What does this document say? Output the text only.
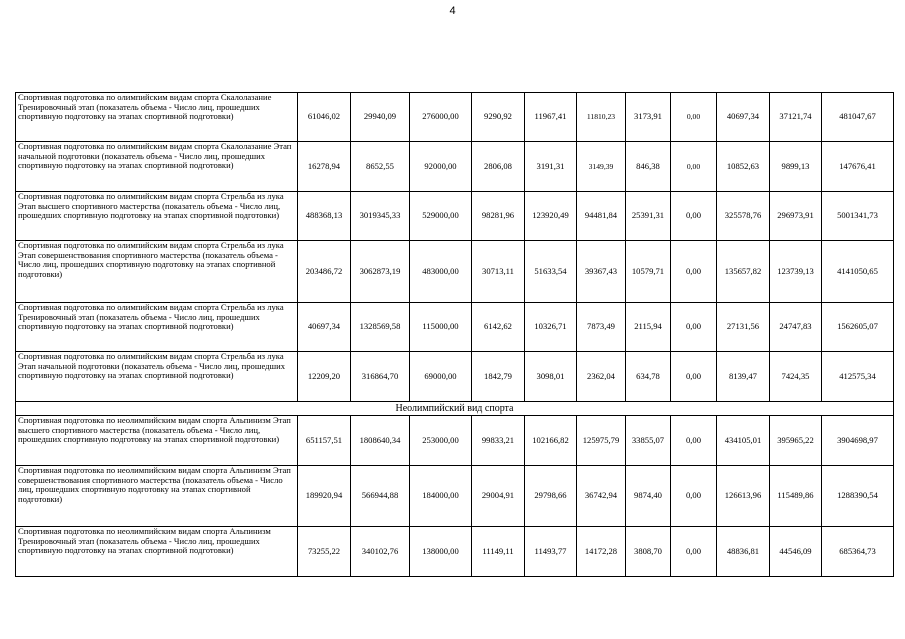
4
Спортивная подготовка по олимпийским видам спорта Скалолазание Тренировочный этап (показатель объема - Число лиц, прошедших спортивную подготовку на этапах спортивной подготовки)	61046,02	29940,09	276000,00	9290,92	11967,41	11810,23	3173,91	0,00	40697,34	37121,74	481047,67
Спортивная подготовка по олимпийским видам спорта Скалолазание Этап начальной подготовки (показатель объема - Число лиц, прошедших спортивную подготовку на этапах спортивной подготовки)	16278,94	8652,55	92000,00	2806,08	3191,31	3149,39	846,38	0,00	10852,63	9899,13	147676,41
Спортивная подготовка по олимпийским видам спорта Стрельба из лука Этап высшего спортивного мастерства (показатель объема - Число лиц, прошедших спортивную подготовку на этапах спортивной подготовки)	488368,13	3019345,33	529000,00	98281,96	123920,49	94481,84	25391,31	0,00	325578,76	296973,91	5001341,73
Спортивная подготовка по олимпийским видам спорта Стрельба из лука Этап совершенствования спортивного мастерства (показатель объема - Число лиц, прошедших спортивную подготовку на этапах спортивной подготовки)	203486,72	3062873,19	483000,00	30713,11	51633,54	39367,43	10579,71	0,00	135657,82	123739,13	4141050,65
Спортивная подготовка по олимпийским видам спорта Стрельба из лука Тренировочный этап (показатель объема - Число лиц, прошедших спортивную подготовку на этапах спортивной подготовки)	40697,34	1328569,58	115000,00	6142,62	10326,71	7873,49	2115,94	0,00	27131,56	24747,83	1562605,07
Спортивная подготовка по олимпийским видам спорта Стрельба из лука Этап начальной подготовки (показатель объема - Число лиц, прошедших спортивную подготовку на этапах спортивной подготовки)	12209,20	316864,70	69000,00	1842,79	3098,01	2362,04	634,78	0,00	8139,47	7424,35	412575,34
Неолимпийский вид спорта											
Спортивная подготовка по неолимпийским видам спорта Альпинизм Этап высшего спортивного мастерства (показатель объема - Число лиц, прошедших спортивную подготовку на этапах спортивной подготовки)	651157,51	1808640,34	253000,00	99833,21	102166,82	125975,79	33855,07	0,00	434105,01	395965,22	3904698,97
Спортивная подготовка по неолимпийским видам спорта Альпинизм Этап совершенствования спортивного мастерства (показатель объема - Число лиц, прошедших спортивную подготовку на этапах спортивной подготовки)	189920,94	566944,88	184000,00	29004,91	29798,66	36742,94	9874,40	0,00	126613,96	115489,86	1288390,54
Спортивная подготовка по неолимпийским видам спорта Альпинизм Тренировочный этап (показатель объема - Число лиц, прошедших спортивную подготовку на этапах спортивной подготовки)	73255,22	340102,76	138000,00	11149,11	11493,77	14172,28	3808,70	0,00	48836,81	44546,09	685364,73
